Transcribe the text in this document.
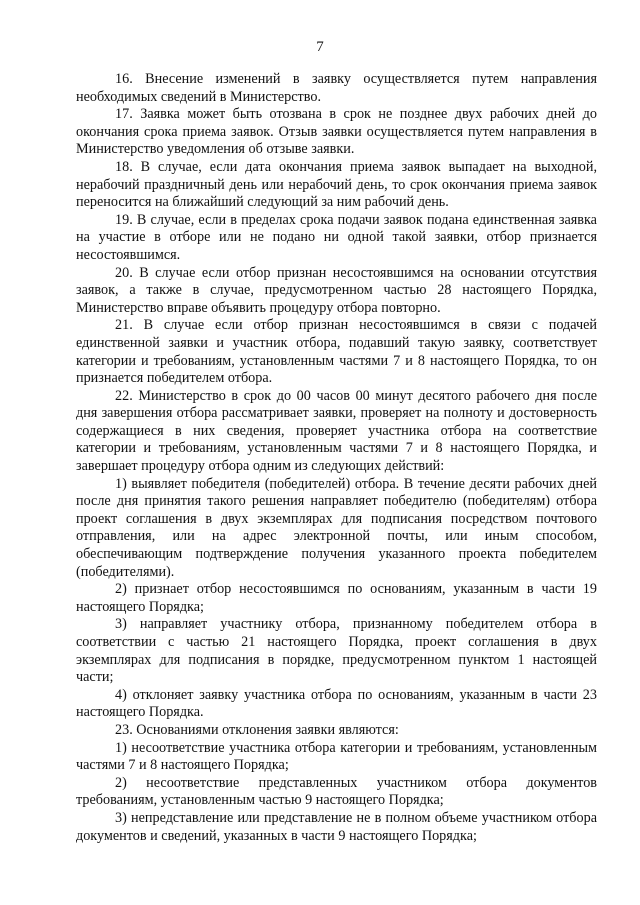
7

16. Внесение изменений в заявку осуществляется путем направления необходимых сведений в Министерство.

17. Заявка может быть отозвана в срок не позднее двух рабочих дней до окончания срока приема заявок. Отзыв заявки осуществляется путем направления в Министерство уведомления об отзыве заявки.

18. В случае, если дата окончания приема заявок выпадает на выходной, нерабочий праздничный день или нерабочий день, то срок окончания приема заявок переносится на ближайший следующий за ним рабочий день.

19. В случае, если в пределах срока подачи заявок подана единственная заявка на участие в отборе или не подано ни одной такой заявки, отбор признается несостоявшимся.

20. В случае если отбор признан несостоявшимся на основании отсутствия заявок, а также в случае, предусмотренном частью 28 настоящего Порядка, Министерство вправе объявить процедуру отбора повторно.

21. В случае если отбор признан несостоявшимся в связи с подачей единственной заявки и участник отбора, подавший такую заявку, соответствует категории и требованиям, установленным частями 7 и 8 настоящего Порядка, то он признается победителем отбора.

22. Министерство в срок до 00 часов 00 минут десятого рабочего дня после дня завершения отбора рассматривает заявки, проверяет на полноту и достоверность содержащиеся в них сведения, проверяет участника отбора на соответствие категории и требованиям, установленным частями 7 и 8 настоящего Порядка, и завершает процедуру отбора одним из следующих действий:

1) выявляет победителя (победителей) отбора. В течение десяти рабочих дней после дня принятия такого решения направляет победителю (победителям) отбора проект соглашения в двух экземплярах для подписания посредством почтового отправления, или на адрес электронной почты, или иным способом, обеспечивающим подтверждение получения указанного проекта победителем (победителями).

2) признает отбор несостоявшимся по основаниям, указанным в части 19 настоящего Порядка;

3) направляет участнику отбора, признанному победителем отбора в соответствии с частью 21 настоящего Порядка, проект соглашения в двух экземплярах для подписания в порядке, предусмотренном пунктом 1 настоящей части;

4) отклоняет заявку участника отбора по основаниям, указанным в части 23 настоящего Порядка.

23. Основаниями отклонения заявки являются:

1) несоответствие участника отбора категории и требованиям, установленным частями 7 и 8 настоящего Порядка;

2) несоответствие представленных участником отбора документов требованиям, установленным частью 9 настоящего Порядка;

3) непредставление или представление не в полном объеме участником отбора документов и сведений, указанных в части 9 настоящего Порядка;
